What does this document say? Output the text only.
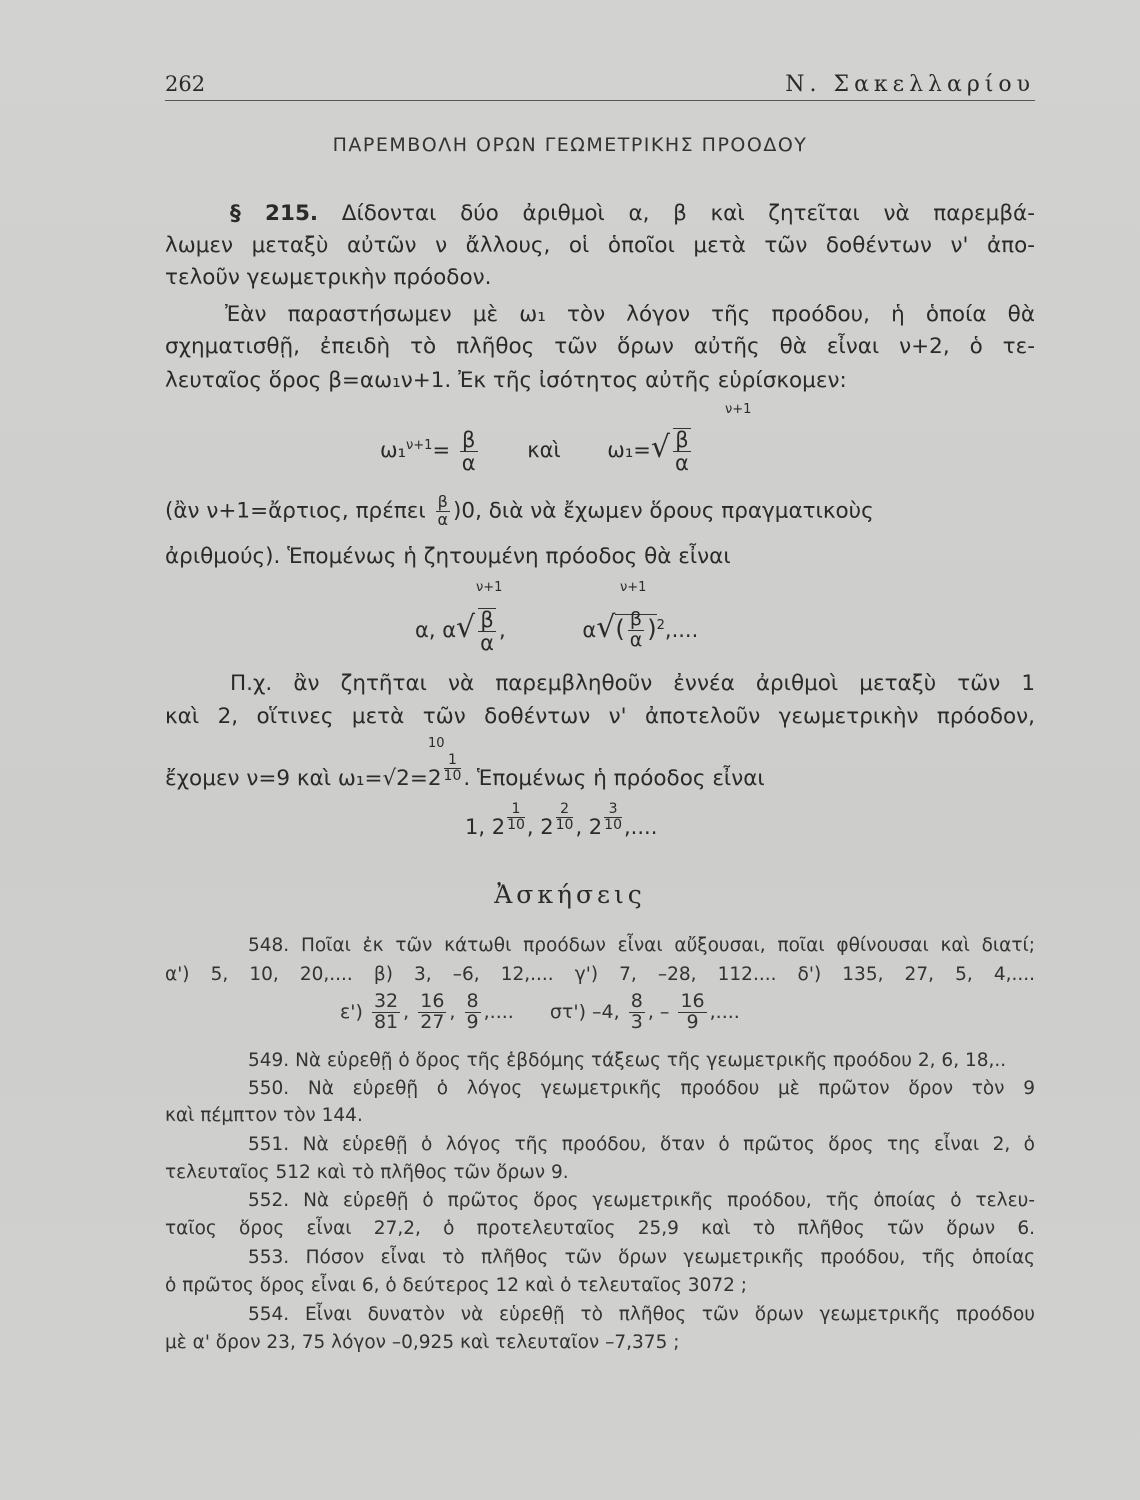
262	Ν. Σακελλαρίου
ΠΑΡΕΜΒΟΛΗ ΟΡΩΝ ΓΕΩΜΕΤΡΙΚΗΣ ΠΡΟΟΔΟΥ
§ 215. Δίδονται δύο ἀριθμοὶ α, β καὶ ζητεῖται νὰ παρεμβά-
λωμεν μεταξὺ αὐτῶν ν ἄλλους, οἱ ὁποῖοι μετὰ τῶν δοθέντων ν' ἀπο-
τελοῦν γεωμετρικὴν πρόοδον.
Ἐὰν παραστήσωμεν μὲ ω₁ τὸν λόγον τῆς προόδου, ἡ ὁποία θὰ
σχηματισθῇ, ἐπειδὴ τὸ πλῆθος τῶν ὅρων αὐτῆς θὰ εἶναι ν+2, ὁ τε-
λευταῖος ὅρος β=αω₁ν+1. Ἐκ τῆς ἰσότητος αὐτῆς εὑρίσκομεν:
$\omega_1^{\nu+1}= \frac{\beta}{\alpha}$ καὶ $\omega_1=√ \frac{\beta}{\alpha}$
ν+1
(ἂν ν+1=ἄρτιος, πρέπει $\frac{\beta}{\alpha} )0$, διὰ νὰ ἔχωμεν ὅρους πραγματικοὺς
ἀριθμούς). Ἑπομένως ἡ ζητουμένη πρόοδος θὰ εἶναι
α, $\alpha√ \frac{\beta}{\alpha}$ ,	$\alpha√( \frac{\beta}{\alpha} )^2$,....
ν+1	ν+1
Π.χ. ἂν ζητῆται νὰ παρεμβληθοῦν ἐννέα ἀριθμοὶ μεταξὺ τῶν 1
καὶ 2, οἵτινες μετὰ τῶν δοθέντων ν' ἀποτελοῦν γεωμετρικὴν πρόοδον,
ἔχομεν ν=9 καὶ $\omega_1=√2=2 \frac{1}{10}$ . Ἑπομένως ἡ πρόοδος εἶναι
10
1, $2 \frac{1}{10}$ , $2 \frac{2}{10}$ , $2 \frac{3}{10}$ ,....
Ἀσκήσεις
548. Ποῖαι ἐκ τῶν κάτωθι προόδων εἶναι αὔξουσαι, ποῖαι φθίνουσαι καὶ διατί;
α') 5, 10, 20,.... β) 3, –6, 12,.... γ') 7, –28, 112.... δ') 135, 27, 5, 4,....
$\varepsilon') \frac{32}{81}$ , $\frac{16}{27}$ , $\frac{8}{9}$ ,.... στ') –4, $\frac{8}{3}$ , – $\frac{16}{9}$ ,....
549. Νὰ εὑρεθῇ ὁ ὅρος τῆς ἑβδόμης τάξεως τῆς γεωμετρικῆς προόδου 2, 6, 18,..
550. Νὰ εὑρεθῇ ὁ λόγος γεωμετρικῆς προόδου μὲ πρῶτον ὅρον τὸν 9
καὶ πέμπτον τὸν 144.
551. Νὰ εὑρεθῇ ὁ λόγος τῆς προόδου, ὅταν ὁ πρῶτος ὅρος της εἶναι 2, ὁ
τελευταῖος 512 καὶ τὸ πλῆθος τῶν ὅρων 9.
552. Νὰ εὑρεθῇ ὁ πρῶτος ὅρος γεωμετρικῆς προόδου, τῆς ὁποίας ὁ τελευ-
ταῖος ὅρος εἶναι 27,2, ὁ προτελευταῖος 25,9 καὶ τὸ πλῆθος τῶν ὅρων 6.
553. Πόσον εἶναι τὸ πλῆθος τῶν ὅρων γεωμετρικῆς προόδου, τῆς ὁποίας
ὁ πρῶτος ὅρος εἶναι 6, ὁ δεύτερος 12 καὶ ὁ τελευταῖος 3072 ;
554. Εἶναι δυνατὸν νὰ εὑρεθῇ τὸ πλῆθος τῶν ὅρων γεωμετρικῆς προόδου
μὲ α' ὅρον 23, 75 λόγον –0,925 καὶ τελευταῖον –7,375 ;
